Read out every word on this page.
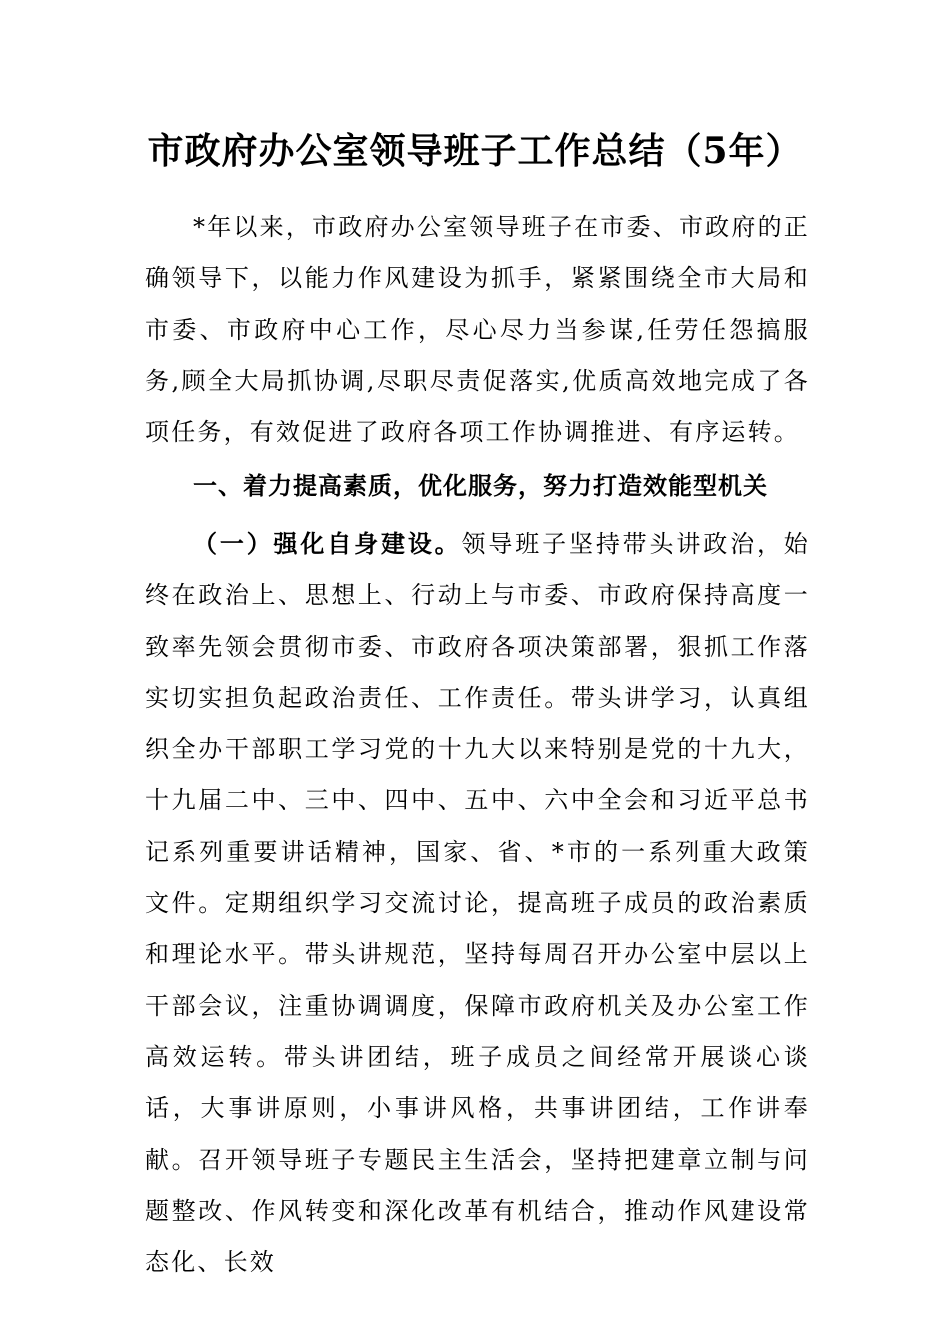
市政府办公室领导班子工作总结（5年）

*年以来，市政府办公室领导班子在市委、市政府的正确领导下，以能力作风建设为抓手，紧紧围绕全市大局和市委、市政府中心工作，尽心尽力当参谋,任劳任怨搞服务,顾全大局抓协调,尽职尽责促落实,优质高效地完成了各项任务，有效促进了政府各项工作协调推进、有序运转。

一、着力提高素质，优化服务，努力打造效能型机关

（一）强化自身建设。领导班子坚持带头讲政治，始终在政治上、思想上、行动上与市委、市政府保持高度一致率先领会贯彻市委、市政府各项决策部署，狠抓工作落实切实担负起政治责任、工作责任。带头讲学习，认真组织全办干部职工学习党的十九大以来特别是党的十九大，十九届二中、三中、四中、五中、六中全会和习近平总书记系列重要讲话精神，国家、省、*市的一系列重大政策文件。定期组织学习交流讨论，提高班子成员的政治素质和理论水平。带头讲规范，坚持每周召开办公室中层以上干部会议，注重协调调度，保障市政府机关及办公室工作高效运转。带头讲团结，班子成员之间经常开展谈心谈话，大事讲原则，小事讲风格，共事讲团结，工作讲奉献。召开领导班子专题民主生活会，坚持把建章立制与问题整改、作风转变和深化改革有机结合，推动作风建设常态化、长效
